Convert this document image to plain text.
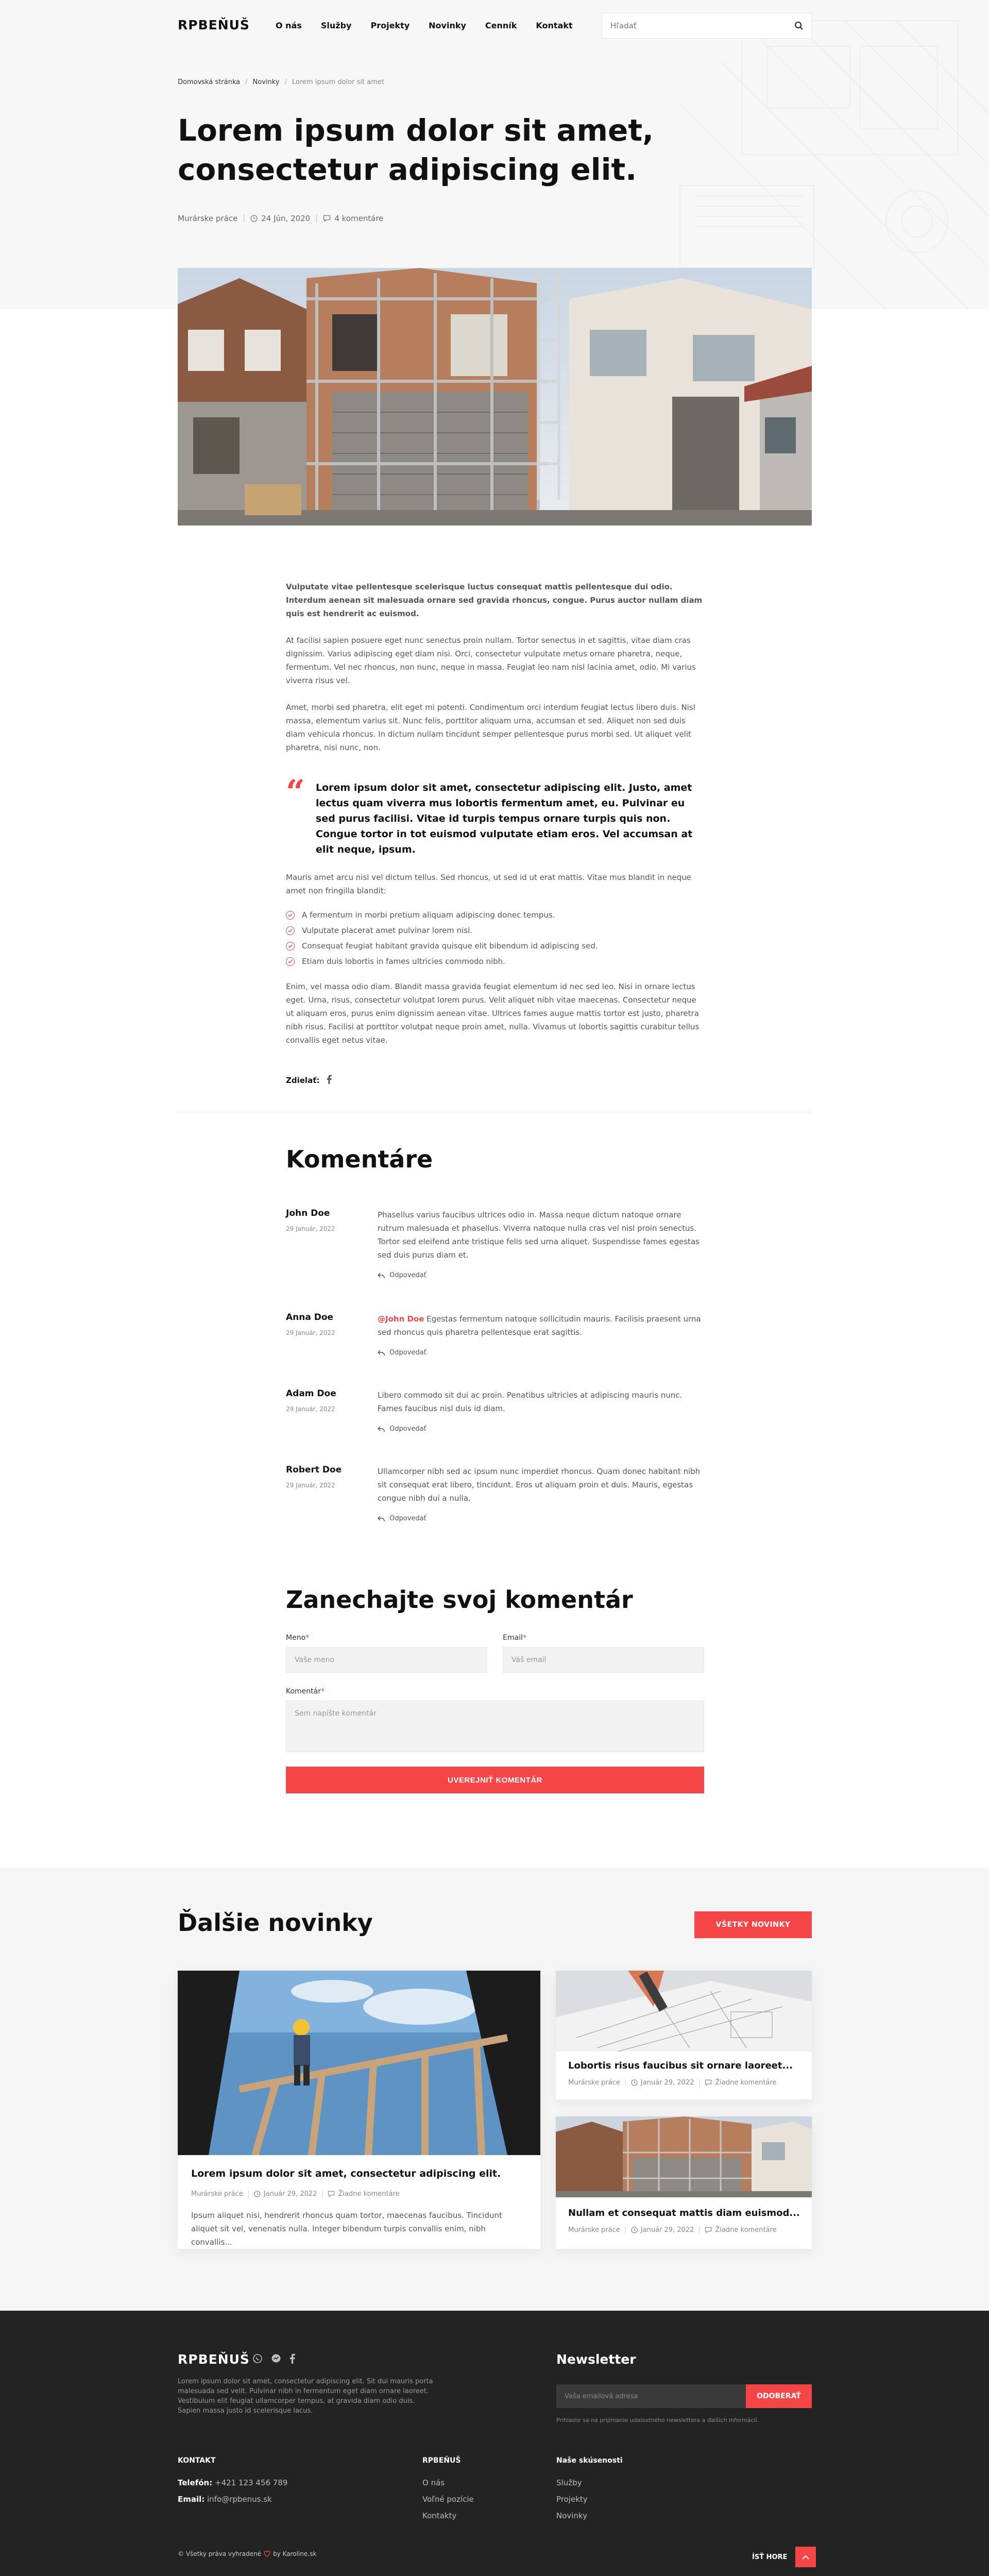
RPBEŇUŠ	O nás Služby Projekty Novinky Cenník Kontakt
Hľadať
Domovská stránka / Novinky / Lorem ipsum dolor sit amet
Lorem ipsum dolor sit amet,
consectetur adipiscing elit.
Murárske práce	24 Jún, 2020	4 komentáre

Vulputate vitae pellentesque scelerisque luctus consequat mattis pellentesque dui odio. Interdum aenean sit malesuada ornare sed gravida rhoncus, congue. Purus auctor nullam diam quis est hendrerit ac euismod.

At facilisi sapien posuere eget nunc senectus proin nullam. Tortor senectus in et sagittis, vitae diam cras dignissim. Varius adipiscing eget diam nisi. Orci, consectetur vulputate metus ornare pharetra, neque, fermentum. Vel nec rhoncus, non nunc, neque in massa. Feugiat leo nam nisl lacinia amet, odio. Mi varius viverra risus vel.

Amet, morbi sed pharetra, elit eget mi potenti. Condimentum orci interdum feugiat lectus libero duis. Nisl massa, elementum varius sit. Nunc felis, porttitor aliquam urna, accumsan et sed. Aliquet non sed duis diam vehicula rhoncus. In dictum nullam tincidunt semper pellentesque purus morbi sed. Ut aliquet velit pharetra, nisi nunc, non.

“ Lorem ipsum dolor sit amet, consectetur adipiscing elit. Justo, amet lectus quam viverra mus lobortis fermentum amet, eu. Pulvinar eu sed purus facilisi. Vitae id turpis tempus ornare turpis quis non. Congue tortor in tot euismod vulputate etiam eros. Vel accumsan at elit neque, ipsum.

Mauris amet arcu nisl vel dictum tellus. Sed rhoncus, ut sed id ut erat mattis. Vitae mus blandit in neque amet non fringilla blandit:

A fermentum in morbi pretium aliquam adipiscing donec tempus.
Vulputate placerat amet pulvinar lorem nisl.
Consequat feugiat habitant gravida quisque elit bibendum id adipiscing sed.
Etiam duis lobortis in fames ultricies commodo nibh.

Enim, vel massa odio diam. Blandit massa gravida feugiat elementum id nec sed leo. Nisi in ornare lectus eget. Urna, risus, consectetur volutpat lorem purus. Velit aliquet nibh vitae maecenas. Consectetur neque ut aliquam eros, purus enim dignissim aenean vitae. Ultrices fames augue mattis tortor est justo, pharetra nibh risus. Facilisi at porttitor volutpat neque proin amet, nulla. Vivamus ut lobortis sagittis curabitur tellus convallis eget netus vitae.

Zdielať:
Komentáre
John Doe
29 Január, 2022
Phasellus varius faucibus ultrices odio in. Massa neque dictum natoque ornare rutrum malesuada et phasellus. Viverra natoque nulla cras vel nisl proin senectus. Tortor sed eleifend ante tristique felis sed urna aliquet. Suspendisse fames egestas sed duis purus diam et.
Odpovedať
Anna Doe
29 Január, 2022
@John Doe Egestas fermentum natoque sollicitudin mauris. Facilisis praesent urna sed rhoncus quis pharetra pellentesque erat sagittis.
Odpovedať
Adam Doe
29 Január, 2022
Libero commodo sit dui ac proin. Penatibus ultricies at adipiscing mauris nunc. Fames faucibus nisl duis id diam.
Odpovedať
Robert Doe
29 Január, 2022
Ullamcorper nibh sed ac ipsum nunc imperdiet rhoncus. Quam donec habitant nibh sit consequat erat libero, tincidunt. Eros ut aliquam proin et duis. Mauris, egestas congue nibh dui a nulla.
Odpovedať
Zanechajte svoj komentár
Meno*
Vaše meno
Email*
Váš email
Komentár*
Sem napíšte komentár
UVEREJNIŤ KOMENTÁR
Ďalšie novinky	VŠETKY NOVINKY
Lorem ipsum dolor sit amet, consectetur adipiscing elit.
Murárske práce	Január 29, 2022	Žiadne komentáre
Ipsum aliquet nisi, hendrerit rhoncus quam tortor, maecenas faucibus. Tincidunt aliquet sit vel, venenatis nulla. Integer bibendum turpis convallis enim, nibh convallis...
Lobortis risus faucibus sit ornare laoreet...
Murárske práce	Január 29, 2022	Žiadne komentáre
Nullam et consequat mattis diam euismod...
Murárske práce	Január 29, 2022	Žiadne komentáre
RPBEŇUŠ

Lorem ipsum dolor sit amet, consectetur adipiscing elit. Sit dui mauris porta malesuada sed velit. Pulvinar nibh in fermentum eget diam ornare laoreet. Vestibulum elit feugiat ullamcorper tempus, at gravida diam odio duis. Sapien massa justo id scelerisque lacus.

Newsletter
Vaša emailová adresa	ODOBERAŤ
Prihlaste sa na prijímanie udalostného newslettera a ďalších informácií.
KONTAKT
Telefón: +421 123 456 789
Email: info@rpbenus.sk
RPBEŇUŠ
O nás
Voľné pozície
Kontakty
Naše skúsenosti
Služby
Projekty
Novinky
© Všetky práva vyhradené by Karoline.sk	ÍSŤ HORE
